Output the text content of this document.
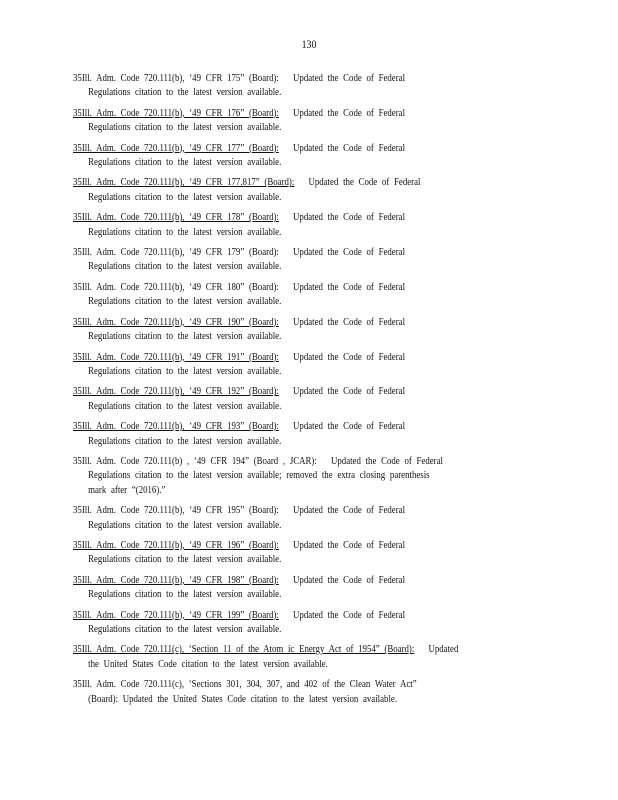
130
35Ill. Adm. Code 720.111(b), ‘49 CFR 175” (Board): Updated the Code of Federal
Regulations citation to the latest version available.
35Ill. Adm. Code 720.111(b), ‘49 CFR 176” (Board): Updated the Code of Federal
Regulations citation to the latest version available.
35Ill. Adm. Code 720.111(b), ‘49 CFR 177” (Board): Updated the Code of Federal
Regulations citation to the latest version available.
35Ill. Adm. Code 720.111(b), ‘49 CFR 177.817” (Board): Updated the Code of Federal
Regulations citation to the latest version available.
35Ill. Adm. Code 720.111(b), ‘49 CFR 178” (Board): Updated the Code of Federal
Regulations citation to the latest version available.
35Ill. Adm. Code 720.111(b), ‘49 CFR 179” (Board): Updated the Code of Federal
Regulations citation to the latest version available.
35Ill. Adm. Code 720.111(b), ‘49 CFR 180” (Board): Updated the Code of Federal
Regulations citation to the latest version available.
35Ill. Adm. Code 720.111(b), ‘49 CFR 190” (Board): Updated the Code of Federal
Regulations citation to the latest version available.
35Ill. Adm. Code 720.111(b), ‘49 CFR 191” (Board): Updated the Code of Federal
Regulations citation to the latest version available.
35Ill. Adm. Code 720.111(b), ‘49 CFR 192” (Board): Updated the Code of Federal
Regulations citation to the latest version available.
35Ill. Adm. Code 720.111(b), ‘49 CFR 193” (Board): Updated the Code of Federal
Regulations citation to the latest version available.
35Ill. Adm. Code 720.111(b) , ‘49 CFR 194” (Board , JCAR): Updated the Code of Federal
Regulations citation to the latest version available; removed the extra closing parenthesis
mark after “(2016).”
35Ill. Adm. Code 720.111(b), ‘49 CFR 195” (Board): Updated the Code of Federal
Regulations citation to the latest version available.
35Ill. Adm. Code 720.111(b), ‘49 CFR 196” (Board): Updated the Code of Federal
Regulations citation to the latest version available.
35Ill. Adm. Code 720.111(b), ‘49 CFR 198” (Board): Updated the Code of Federal
Regulations citation to the latest version available.
35Ill. Adm. Code 720.111(b), ‘49 CFR 199” (Board): Updated the Code of Federal
Regulations citation to the latest version available.
35Ill. Adm. Code 720.111(c), ‘Section 11 of the Atom ic Energy Act of 1954” (Board): Updated
the United States Code citation to the latest version available.
35Ill. Adm. Code 720.111(c), ‘Sections 301, 304, 307, and 402 of the Clean Water Act”
(Board): Updated the United States Code citation to the latest version available.
